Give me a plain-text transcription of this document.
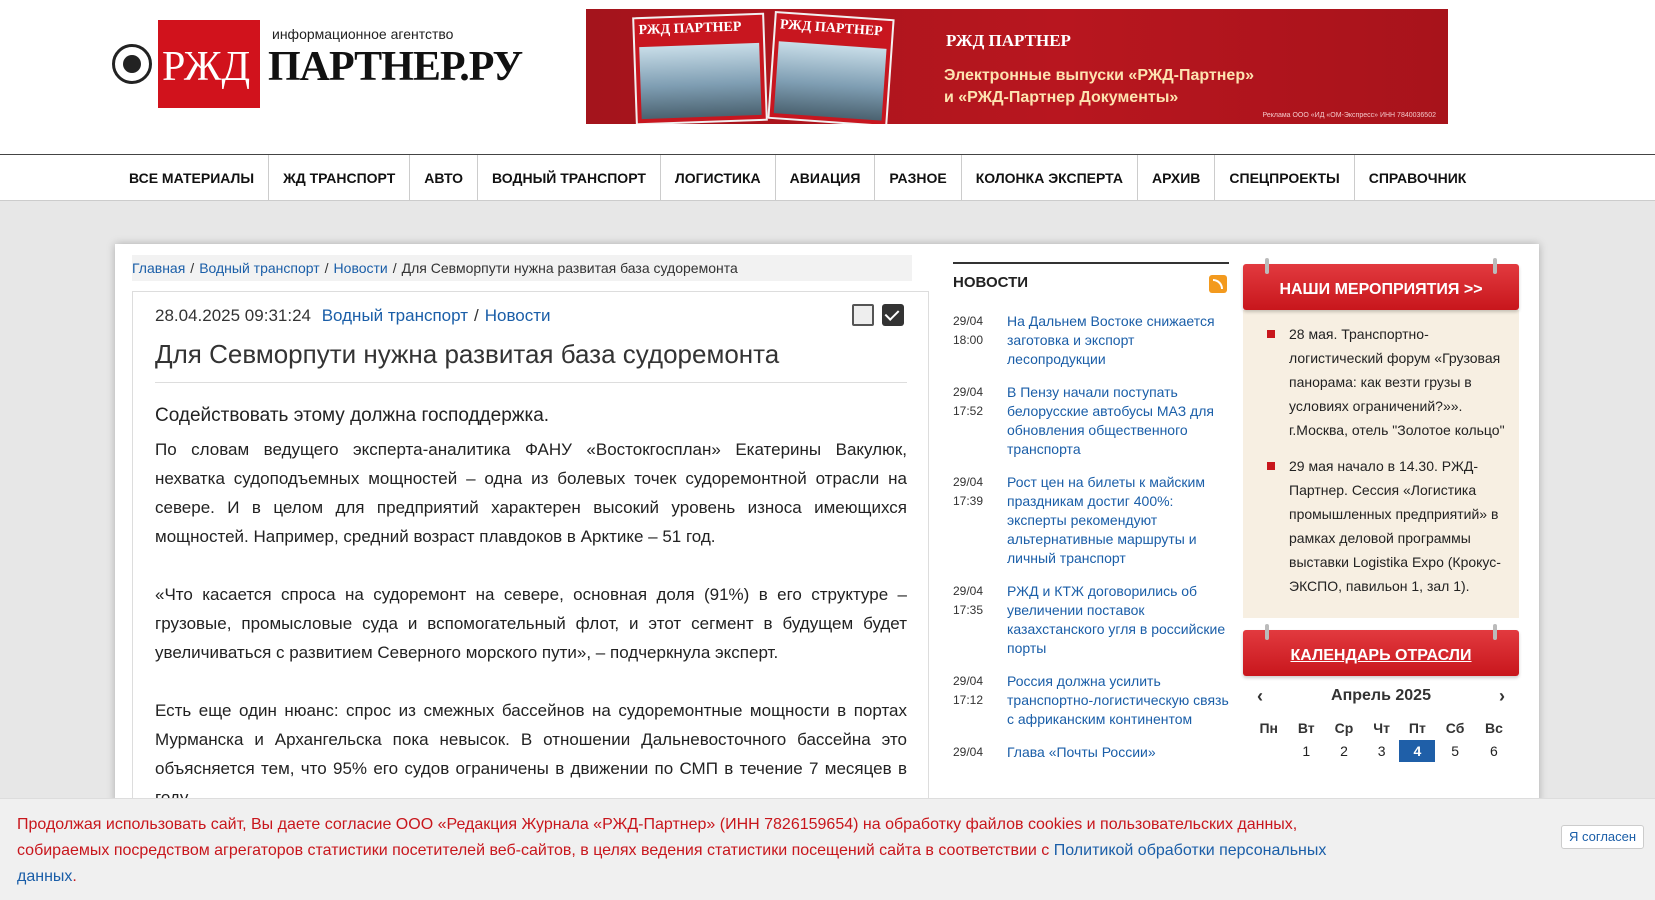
РЖД
информационное агентство
ПАРТНЕР.РУ
РЖД ПАРТНЕР	РЖД ПАРТНЕР
РЖД ПАРТНЕР
Электронные выпуски «РЖД-Партнер»
и «РЖД-Партнер Документы»
Реклама ООО «ИД «ОМ-Экспресс» ИНН 7840036502
ВСЕ МАТЕРИАЛЫ	ЖД ТРАНСПОРТ	АВТО	ВОДНЫЙ ТРАНСПОРТ	ЛОГИСТИКА	АВИАЦИЯ	РАЗНОЕ	КОЛОНКА ЭКСПЕРТА	АРХИВ	СПЕЦПРОЕКТЫ	СПРАВОЧНИК
Главная / Водный транспорт / Новости / Для Севморпути нужна развитая база судоремонта
28.04.2025 09:31:24 Водный транспорт / Новости
Для Севморпути нужна развитая база судоремонта
Содействовать этому должна господдержка.

По словам ведущего эксперта-аналитика ФАНУ «Востокгосплан» Екатерины Вакулюк, нехватка судоподъемных мощностей – одна из болевых точек судоремонтной отрасли на севере. И в целом для предприятий характерен высокий уровень износа имеющихся мощностей. Например, средний возраст плавдоков в Арктике – 51 год.

«Что касается спроса на судоремонт на севере, основная доля (91%) в его структуре – грузовые, промысловые суда и вспомогательный флот, и этот сегмент в будущем будет увеличиваться с развитием Северного морского пути», – подчеркнула эксперт.

Есть еще один нюанс: спрос из смежных бассейнов на судоремонтные мощности в портах Мурманска и Архангельска пока невысок. В отношении Дальневосточного бассейна это объясняется тем, что 95% его судов ограничены в движении по СМП в течение 7 месяцев в

НОВОСТИ
29/04
18:00
На Дальнем Востоке снижается заготовка и экспорт лесопродукции
29/04
17:52
В Пензу начали поступать белорусские автобусы МАЗ для обновления общественного транспорта
29/04
17:39
Рост цен на билеты к майским праздникам достиг 400%: эксперты рекомендуют альтернативные маршруты и личный транспорт
29/04
17:35
РЖД и КТЖ договорились об увеличении поставок казахстанского угля в российские порты
29/04
17:12
Россия должна усилить транспортно-логистическую связь с африканским континентом
29/04	Глава «Почты России»
НАШИ МЕРОПРИЯТИЯ >>
28 мая. Транспортно-логистический форум «Грузовая панорама: как везти грузы в условиях ограничений?»». г.Москва, отель "Золотое кольцо"
29 мая начало в 14.30. РЖД-Партнер. Сессия «Логистика промышленных предприятий» в рамках деловой программы выставки Logistika Expo (Крокус-ЭКСПО, павильон 1, зал 1).
КАЛЕНДАРЬ ОТРАСЛИ
‹	Апрель 2025	›
Пн	Вт	Ср	Чт	Пт	Сб	Вс
	1	2	3	4	5	6
Продолжая использовать сайт, Вы даете согласие ООО «Редакция Журнала «РЖД-Партнер» (ИНН 7826159654) на обработку файлов cookies и пользовательских данных, собираемых посредством агрегаторов статистики посетителей веб-сайтов, в целях ведения статистики посещений сайта в соответствии с Политикой обработки персональных данных.
Я согласен
